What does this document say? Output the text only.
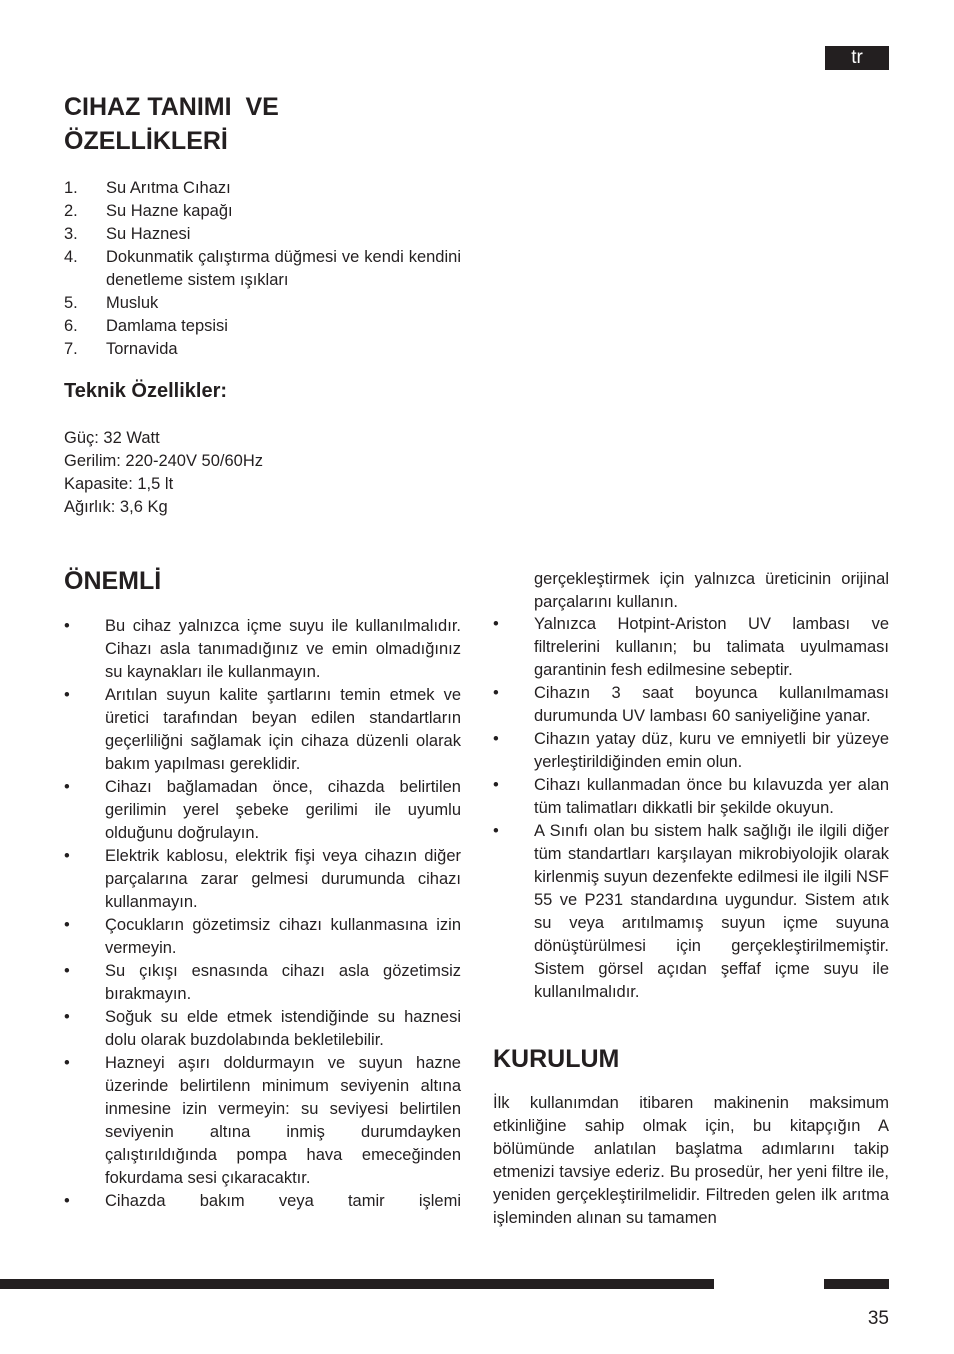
tr
CIHAZ TANIMI  VE
ÖZELLİKLERİ
1. Su Arıtma Cıhazı
2. Su Hazne kapağı
3. Su Haznesi
4. Dokunmatik çalıştırma düğmesi ve kendi kendini denetleme sistem ışıkları
5. Musluk
6. Damlama tepsisi
7. Tornavida
Teknik Özellikler:
Güç: 32 Watt
Gerilim: 220-240V 50/60Hz
Kapasite: 1,5 lt
Ağırlık: 3,6 Kg
ÖNEMLİ
• Bu cihaz yalnızca içme suyu ile kullanılmalıdır. Cihazı asla tanımadığınız ve emin olmadığınız su kaynakları ile kullanmayın.
• Arıtılan suyun kalite şartlarını temin etmek ve üretici tarafından beyan edilen standartların geçerliliğni sağlamak için cihaza düzenli olarak bakım yapılması gereklidir.
• Cihazı bağlamadan önce, cihazda belirtilen gerilimin yerel şebeke gerilimi ile uyumlu olduğunu doğrulayın.
• Elektrik kablosu, elektrik fişi veya cihazın diğer parçalarına zarar gelmesi durumunda cihazı kullanmayın.
• Çocukların gözetimsiz cihazı kullanmasına izin vermeyin.
• Su çıkışı esnasında cihazı asla gözetimsiz bırakmayın.
• Soğuk su elde etmek istendiğinde su haznesi dolu olarak buzdolabında bekletilebilir.
• Hazneyi aşırı doldurmayın ve suyun hazne üzerinde belirtilenn minimum seviyenin altına inmesine izin vermeyin: su seviyesi belirtilen seviyenin altına inmiş durumdayken çalıştırıldığında pompa hava emeceğinden fokurdama sesi çıkaracaktır.
• Cihazda bakım veya tamir işlemi

gerçekleştirmek için yalnızca üreticinin orijinal parçalarını kullanın.

• Yalnızca Hotpint-Ariston UV lambası ve filtrelerini kullanın; bu talimata uyulmaması garantinin fesh edilmesine sebeptir.
• Cihazın 3 saat boyunca kullanılmaması durumunda UV lambası 60 saniyeliğine yanar.
• Cihazın yatay düz, kuru ve emniyetli bir yüzeye yerleştirildiğinden emin olun.
• Cihazı kullanmadan önce bu kılavuzda yer alan tüm talimatları dikkatli bir şekilde okuyun.
• A Sınıfı olan bu sistem halk sağlığı ile ilgili diğer tüm standartları karşılayan mikrobiyolojik olarak kirlenmiş suyun dezenfekte edilmesi ile ilgili NSF 55 ve P231 standardına uygundur. Sistem atık su veya arıtılmamış suyun içme suyuna dönüştürülmesi için gerçekleştirilmemiştir. Sistem görsel açıdan şeffaf içme suyu ile kullanılmalıdır.
KURULUM

İlk kullanımdan itibaren makinenin maksimum etkinliğine sahip olmak için, bu kitapçığın A bölümünde anlatılan başlatma adımlarını takip etmenizi tavsiye ederiz. Bu prosedür, her yeni filtre ile, yeniden gerçekleştirilmelidir. Filtreden gelen ilk arıtma işleminden alınan su tamamen

35
